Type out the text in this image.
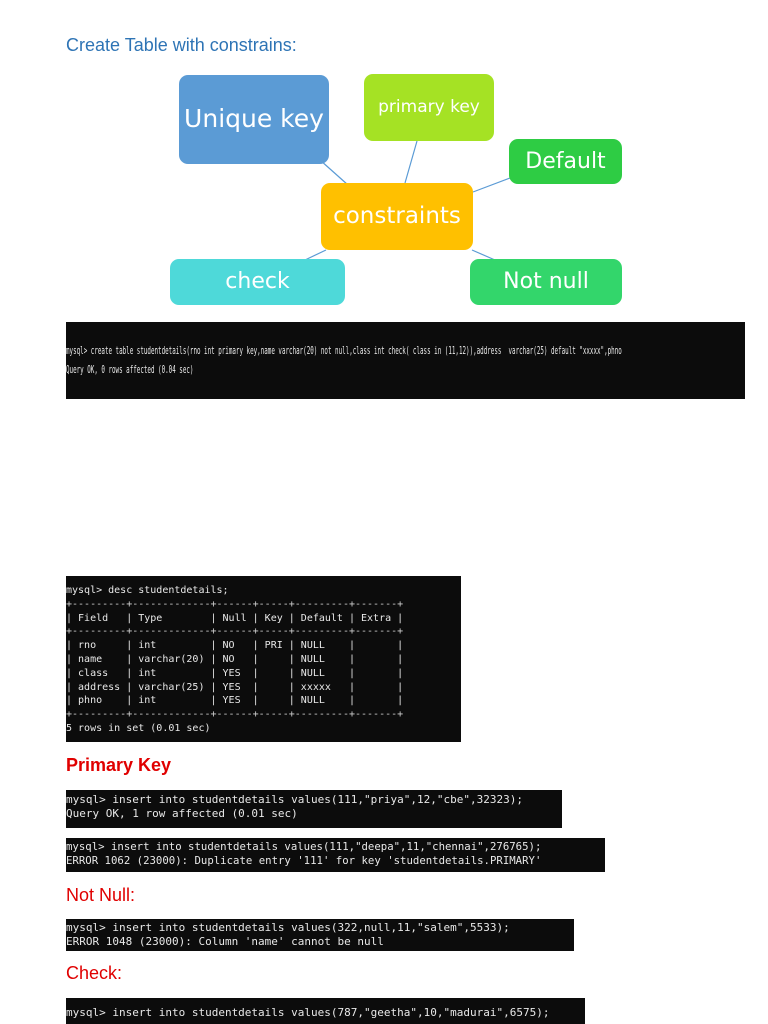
Create Table with constrains:
Unique key	primary key
Default
constraints
check	Not null
mysql> create table studentdetails(rno int primary key,name varchar(20) not null,class int check( class in (11,12)),address  varchar(25) default "xxxxx",phno
Query OK, 0 rows affected (0.04 sec)
mysql> desc studentdetails;
+---------+-------------+------+-----+---------+-------+
| Field   | Type        | Null | Key | Default | Extra |
+---------+-------------+------+-----+---------+-------+
| rno     | int         | NO   | PRI | NULL    |       |
| name    | varchar(20) | NO   |     | NULL    |       |
| class   | int         | YES  |     | NULL    |       |
| address | varchar(25) | YES  |     | xxxxx   |       |
| phno    | int         | YES  |     | NULL    |       |
+---------+-------------+------+-----+---------+-------+
5 rows in set (0.01 sec)
Primary Key
mysql> insert into studentdetails values(111,"priya",12,"cbe",32323);
Query OK, 1 row affected (0.01 sec)
mysql> insert into studentdetails values(111,"deepa",11,"chennai",276765);
ERROR 1062 (23000): Duplicate entry '111' for key 'studentdetails.PRIMARY'
Not Null:
mysql> insert into studentdetails values(322,null,11,"salem",5533);
ERROR 1048 (23000): Column 'name' cannot be null
Check:
mysql> insert into studentdetails values(787,"geetha",10,"madurai",6575);
